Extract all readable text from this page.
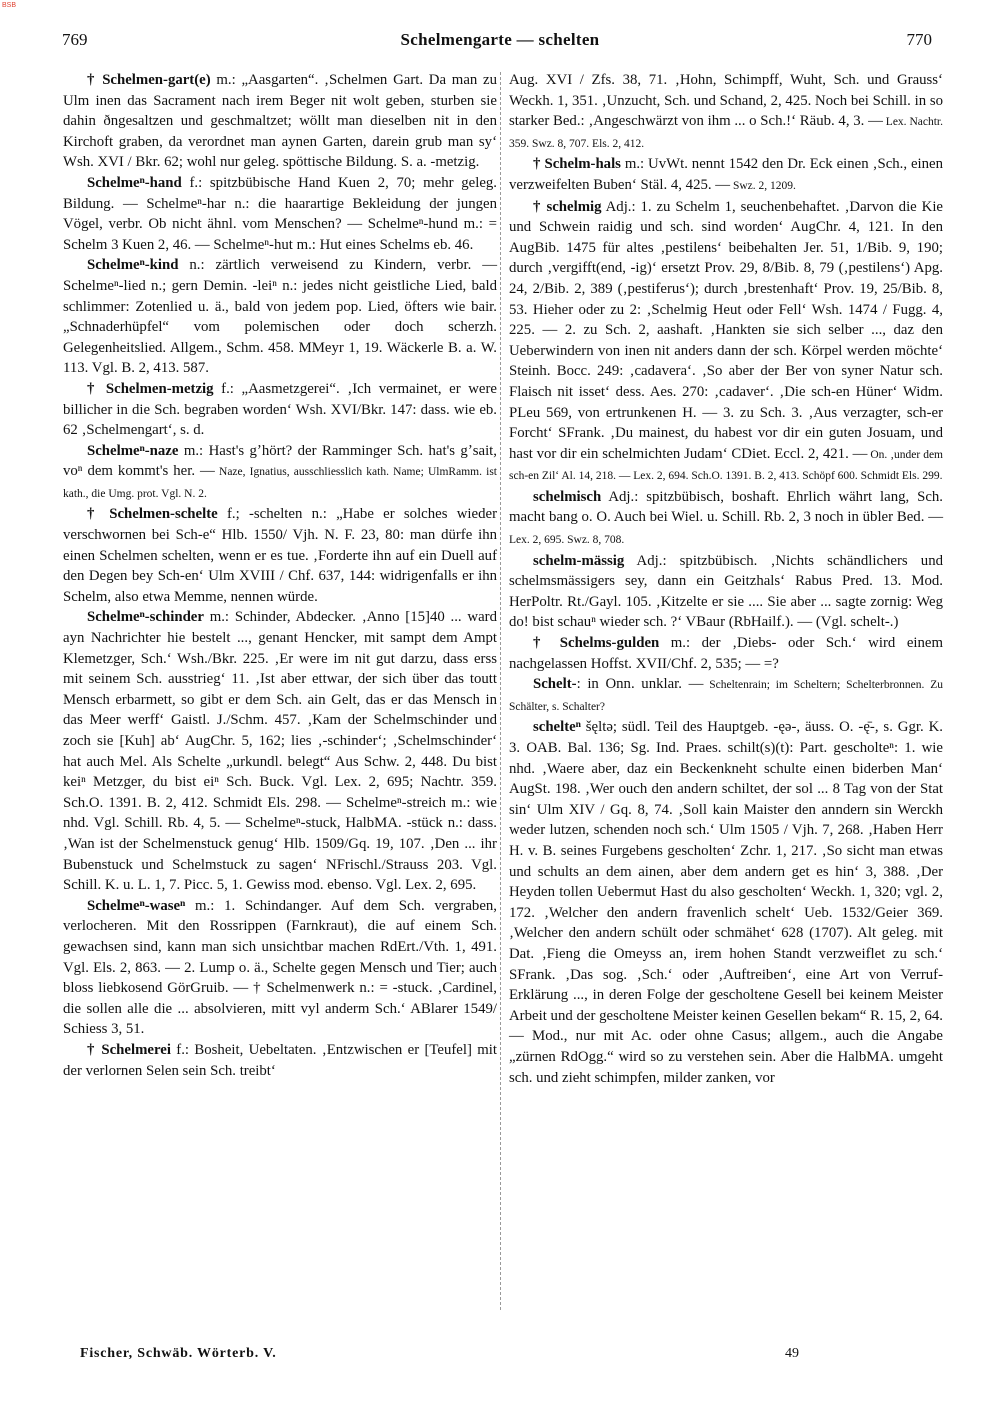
BSB
769	Schelmengarte — schelten	770

† Schelmen-gart(e) m.: „Aasgarten“. ‚Schelmen Gart. Da man zu Ulm inen das Sacrament nach irem Beger nit wolt geben, sturben sie dahin ðngesaltzen und geschmaltzet; wöllt man dieselben nit in den Kirchoft graben, da verordnet man aynen Garten, darein grub man sy‘ Wsh. XVI / Bkr. 62; wohl nur geleg. spöttische Bildung. S. a. -metzig.

Schelmeⁿ-hand f.: spitzbübische Hand Kuen 2, 70; mehr geleg. Bildung. — Schelmeⁿ-har n.: die haarartige Bekleidung der jungen Vögel, verbr. Ob nicht ähnl. vom Menschen? — Schelmeⁿ-hund m.: = Schelm 3 Kuen 2, 46. — Schelmeⁿ-hut m.: Hut eines Schelms eb. 46.

Schelmeⁿ-kind n.: zärtlich verweisend zu Kindern, verbr. — Schelmeⁿ-lied n.; gern Demin. -leiⁿ n.: jedes nicht geistliche Lied, bald schlimmer: Zotenlied u. ä., bald von jedem pop. Lied, öfters wie bair. „Schnaderhüpfel“ vom polemischen oder doch scherzh. Gelegenheitslied. Allgem., Schm. 458. MMeyr 1, 19. Wäckerle B. a. W. 113. Vgl. B. 2, 413. 587.

† Schelmen-metzig f.: „Aasmetzgerei“. ‚Ich vermainet, er were billicher in die Sch. begraben worden‘ Wsh. XVI/Bkr. 147: dass. wie eb. 62 ‚Schelmengart‘, s. d.

Schelmeⁿ-naze m.: Hast's gʼhört? der Ramminger Sch. hat's gʼsait, voⁿ dem kommt's her. — Naze, Ignatius, ausschliesslich kath. Name; UlmRamm. ist kath., die Umg. prot. Vgl. N. 2.

† Schelmen-schelte f.; -schelten n.: „Habe er solches wieder verschwornen bei Sch-e“ Hlb. 1550/ Vjh. N. F. 23, 80: man dürfe ihn einen Schelmen schelten, wenn er es tue. ‚Forderte ihn auf ein Duell auf den Degen bey Sch-en‘ Ulm XVIII / Chf. 637, 144: widrigenfalls er ihn Schelm, also etwa Memme, nennen würde.

Schelmeⁿ-schinder m.: Schinder, Abdecker. ‚Anno [15]40 ... ward ayn Nachrichter hie bestelt ..., genant Hencker, mit sampt dem Ampt Klemetzger, Sch.‘ Wsh./Bkr. 225. ‚Er were im nit gut darzu, dass erss mit seinem Sch. ausstrieg‘ 11. ‚Ist aber ettwar, der sich über das toutt Mensch erbarmett, so gibt er dem Sch. ain Gelt, das er das Mensch in das Meer werff‘ Gaistl. J./Schm. 457. ‚Kam der Schelmschinder und zoch sie [Kuh] ab‘ AugChr. 5, 162; lies ‚-schinder‘; ‚Schelmschinder‘ hat auch Mel. Als Schelte „urkundl. belegt“ Aus Schw. 2, 448. Du bist keiⁿ Metzger, du bist eiⁿ Sch. Buck. Vgl. Lex. 2, 695; Nachtr. 359. Sch.O. 1391. B. 2, 412. Schmidt Els. 298. — Schelmeⁿ-streich m.: wie nhd. Vgl. Schill. Rb. 4, 5. — Schelmeⁿ-stuck, HalbMA. -stück n.: dass. ‚Wan ist der Schelmenstuck genug‘ Hlb. 1509/Gq. 19, 107. ‚Den ... ihr Bubenstuck und Schelmstuck zu sagen‘ NFrischl./Strauss 203. Vgl. Schill. K. u. L. 1, 7. Picc. 5, 1. Gewiss mod. ebenso. Vgl. Lex. 2, 695.

Schelmeⁿ-waseⁿ m.: 1. Schindanger. Auf dem Sch. vergraben, verlocheren. Mit den Rossrippen (Farnkraut), die auf einem Sch. gewachsen sind, kann man sich unsichtbar machen RdErt./Vth. 1, 491. Vgl. Els. 2, 863. — 2. Lump o. ä., Schelte gegen Mensch und Tier; auch bloss liebkosend GörGruib. — † Schelmenwerk n.: = -stuck. ‚Cardinel, die sollen alle die ... absolvieren, mitt vyl anderm Sch.‘ ABlarer 1549/ Schiess 3, 51.

† Schelmerei f.: Bosheit, Uebeltaten. ‚Entzwischen er [Teufel] mit der verlornen Selen sein Sch. treibt‘

Aug. XVI / Zfs. 38, 71. ‚Hohn, Schimpff, Wuht, Sch. und Grauss‘ Weckh. 1, 351. ‚Unzucht, Sch. und Schand, 2, 425. Noch bei Schill. in so starker Bed.: ‚Angeschwärzt von ihm ... o Sch.!‘ Räub. 4, 3. — Lex. Nachtr. 359. Swz. 8, 707. Els. 2, 412.

† Schelm-hals m.: UvWt. nennt 1542 den Dr. Eck einen ‚Sch., einen verzweifelten Buben‘ Stäl. 4, 425. — Swz. 2, 1209.

† schelmig Adj.: 1. zu Schelm 1, seuchenbehaftet. ‚Darvon die Kie und Schwein raidig und sch. sind worden‘ AugChr. 4, 121. In den AugBib. 1475 für altes ‚pestilens‘ beibehalten Jer. 51, 1/Bib. 9, 190; durch ‚vergifft(end, -ig)‘ ersetzt Prov. 29, 8/Bib. 8, 79 (‚pestilens‘) Apg. 24, 2/Bib. 2, 389 (‚pestiferus‘); durch ‚brestenhaft‘ Prov. 19, 25/Bib. 8, 53. Hieher oder zu 2: ‚Schelmig Heut oder Fell‘ Wsh. 1474 / Fugg. 4, 225. — 2. zu Sch. 2, aashaft. ‚Hankten sie sich selber ..., daz den Ueberwindern von inen nit anders dann der sch. Körpel werden möchte‘ Steinh. Bocc. 249: ‚cadavera‘. ‚So aber der Ber von syner Natur sch. Flaisch nit isset‘ dess. Aes. 270: ‚cadaver‘. ‚Die sch-en Hüner‘ Widm. PLeu 569, von ertrunkenen H. — 3. zu Sch. 3. ‚Aus verzagter, sch-er Forcht‘ SFrank. ‚Du mainest, du habest vor dir ein guten Josuam, und hast vor dir ein schelmichten Judam‘ CDiet. Eccl. 2, 421. — On. ‚under dem sch-en Zil‘ Al. 14, 218. — Lex. 2, 694. Sch.O. 1391. B. 2, 413. Schöpf 600. Schmidt Els. 299.

schelmisch Adj.: spitzbübisch, boshaft. Ehrlich währt lang, Sch. macht bang o. O. Auch bei Wiel. u. Schill. Rb. 2, 3 noch in übler Bed. — Lex. 2, 695. Swz. 8, 708.

schelm-mässig Adj.: spitzbübisch. ‚Nichts schändlichers und schelmsmässigers sey, dann ein Geitzhals‘ Rabus Pred. 13. Mod. HerPoltr. Rt./Gayl. 105. ‚Kitzelte er sie .... Sie aber ... sagte zornig: Weg do! bist schauⁿ wieder sch. ?‘ VBaur (RbHailf.). — (Vgl. schelt-.)

† Schelms-gulden m.: der ‚Diebs- oder Sch.‘ wird einem nachgelassen Hoffst. XVII/Chf. 2, 535; — =?

Schelt-: in Onn. unklar. — Scheltenrain; im Scheltern; Schelterbronnen. Zu Schälter, s. Schalter?

schelteⁿ šęltə; südl. Teil des Hauptgeb. -ęə-, äuss. O. -ę̄-, s. Ggr. K. 3. OAB. Bal. 136; Sg. Ind. Praes. schilt(s)(t): Part. gescholteⁿ: 1. wie nhd. ‚Waere aber, daz ein Beckenkneht schulte einen biderben Man‘ AugSt. 198. ‚Wer ouch den andern schiltet, der sol ... 8 Tag von der Stat sin‘ Ulm XIV / Gq. 8, 74. ‚Soll kain Maister den anndern sin Werckh weder lutzen, schenden noch sch.‘ Ulm 1505 / Vjh. 7, 268. ‚Haben Herr H. v. B. seines Furgebens gescholten‘ Zchr. 1, 217. ‚So sicht man etwas und schults an dem ainen, aber dem andern get es hin‘ 3, 388. ‚Der Heyden tollen Uebermut Hast du also gescholten‘ Weckh. 1, 320; vgl. 2, 172. ‚Welcher den andern fravenlich schelt‘ Ueb. 1532/Geier 369. ‚Welcher den andern schült oder schmähet‘ 628 (1707). Alt geleg. mit Dat. ‚Fieng die Omeyss an, irem hohen Standt verzweiflet zu sch.‘ SFrank. ‚Das sog. ‚Sch.‘ oder ‚Auftreiben‘, eine Art von Verruf-Erklärung ..., in deren Folge der gescholtene Gesell bei keinem Meister Arbeit und der gescholtene Meister keinen Gesellen bekam“ R. 15, 2, 64. — Mod., nur mit Ac. oder ohne Casus; allgem., auch die Angabe „zürnen RdOgg.“ wird so zu verstehen sein. Aber die HalbMA. umgeht sch. und zieht schimpfen, milder zanken, vor

Fischer, Schwäb. Wörterb. V.	49
